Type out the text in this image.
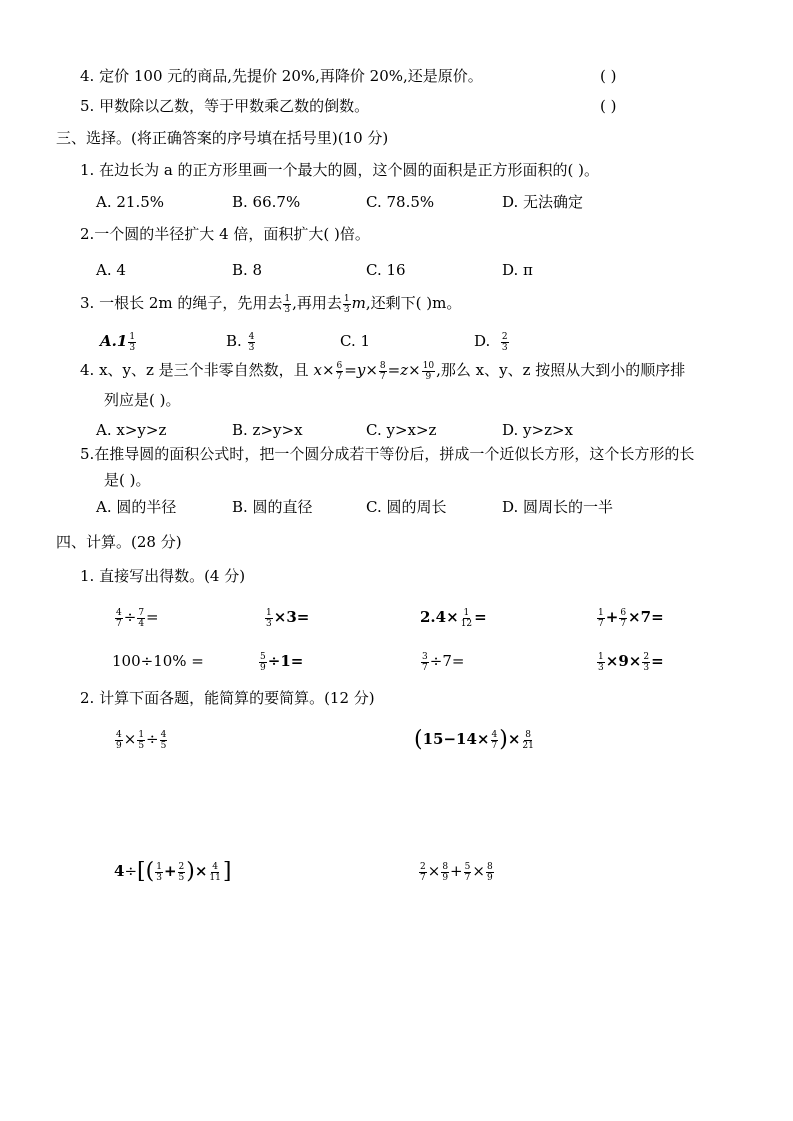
4. 定价 100 元的商品,先提价 20%,再降价 20%,还是原价。	( )
5. 甲数除以乙数，等于甲数乘乙数的倒数。	( )
三、选择。(将正确答案的序号填在括号里)(10 分)
1. 在边长为 a 的正方形里画一个最大的圆，这个圆的面积是正方形面积的( )。
A. 21.5%	B. 66.7%	C. 78.5%	D. 无法确定
2.一个圆的半径扩大 4 倍，面积扩大( )倍。
A. 4	B. 8	C. 16	D. π
3. 一根长 2m 的绳子，先用去 $\frac{1}{3}$ ,再用去 $\frac{1}{3} m$,还剩下( )m。
$A.1 \frac{1}{3}$	B. $\frac{4}{3}$	C. 1	D. $\frac{2}{3}$
4. x、y、z 是三个非零自然数，且 $x\times \frac{6}{7} =y\times \frac{8}{7} =z\times \frac{10}{9}$ ,那么 x、y、z 按照从大到小的顺序排
列应是( )。
A. x>y>z	B. z>y>x	C. y>x>z	D. y>z>x
5.在推导圆的面积公式时，把一个圆分成若干等份后，拼成一个近似长方形，这个长方形的长
是( )。
A. 圆的半径	B. 圆的直径	C. 圆的周长	D. 圆周长的一半
四、计算。(28 分)
1. 直接写出得数。(4 分)
$\frac{4}{7} \div \frac{7}{4}$ =	$\frac{1}{3} \times 3=$	$2.4\times \frac{1}{12}$ =	$\frac{1}{7} + \frac{6}{7} \times 7=$
100÷10% =	$\frac{5}{9} \div 1=$	$\frac{3}{7} \div 7=$	$\frac{1}{3} \times 9\times \frac{2}{3}$ =
2. 计算下面各题，能简算的要简算。(12 分)
$\frac{4}{9} \times \frac{1}{5} \div \frac{4}{5}$	($15-14\times \frac{4}{7}$ )× $\frac{8}{21}$
$4\div[( \frac{1}{3} + \frac{2}{5}$ )× $\frac{4}{11}$ ]	$\frac{2}{7} \times \frac{8}{9} + \frac{5}{7} \times \frac{8}{9}$
